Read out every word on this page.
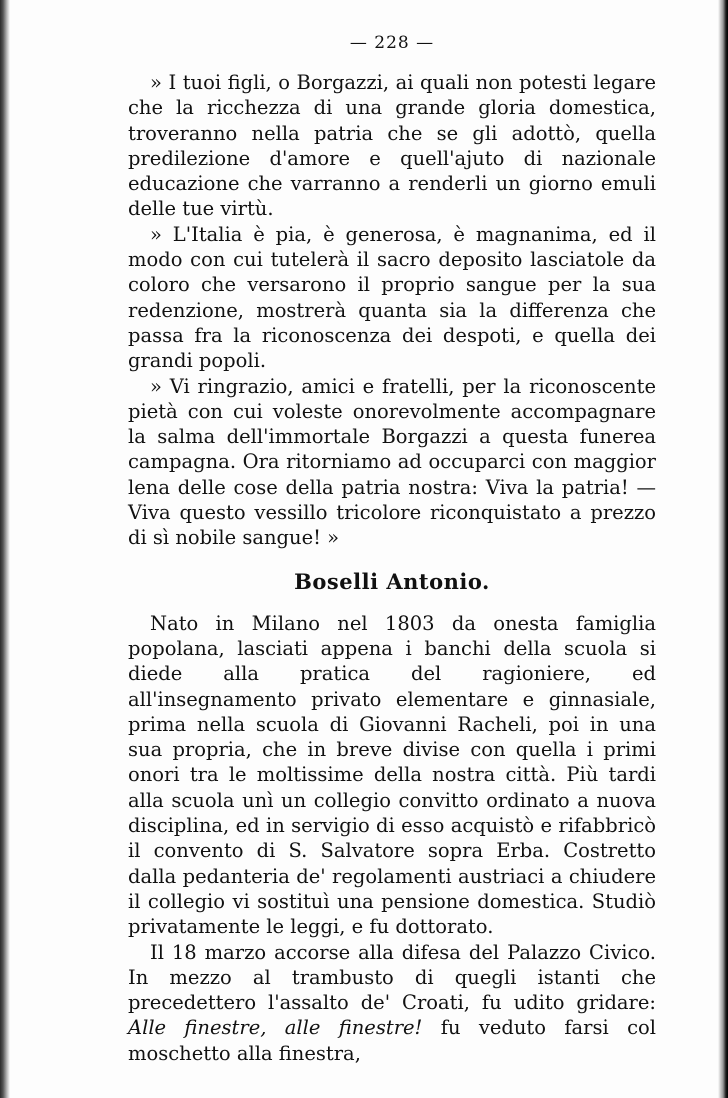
— 228 —

» I tuoi figli, o Borgazzi, ai quali non potesti legare che la ricchezza di una grande gloria domestica, troveranno nella patria che se gli adottò, quella predilezione d'amore e quell'ajuto di nazionale educazione che varranno a renderli un giorno emuli delle tue virtù.

» L'Italia è pia, è generosa, è magnanima, ed il modo con cui tutelerà il sacro deposito lasciatole da coloro che versarono il proprio sangue per la sua redenzione, mostrerà quanta sia la differenza che passa fra la riconoscenza dei despoti, e quella dei grandi popoli.

» Vi ringrazio, amici e fratelli, per la riconoscente pietà con cui voleste onorevolmente accompagnare la salma dell'immortale Borgazzi a questa funerea campagna. Ora ritorniamo ad occuparci con maggior lena delle cose della patria nostra: Viva la patria! — Viva questo vessillo tricolore riconquistato a prezzo di sì nobile sangue! »

Boselli Antonio.

Nato in Milano nel 1803 da onesta famiglia popolana, lasciati appena i banchi della scuola si diede alla pratica del ragioniere, ed all'insegnamento privato elementare e ginnasiale, prima nella scuola di Giovanni Racheli, poi in una sua propria, che in breve divise con quella i primi onori tra le moltissime della nostra città. Più tardi alla scuola unì un collegio convitto ordinato a nuova disciplina, ed in servigio di esso acquistò e rifabbricò il convento di S. Salvatore sopra Erba. Costretto dalla pedanteria de' regolamenti austriaci a chiudere il collegio vi sostituì una pensione domestica. Studiò privatamente le leggi, e fu dottorato.

Il 18 marzo accorse alla difesa del Palazzo Civico. In mezzo al trambusto di quegli istanti che precedettero l'assalto de' Croati, fu udito gridare: Alle finestre, alle finestre! fu veduto farsi col moschetto alla finestra,
